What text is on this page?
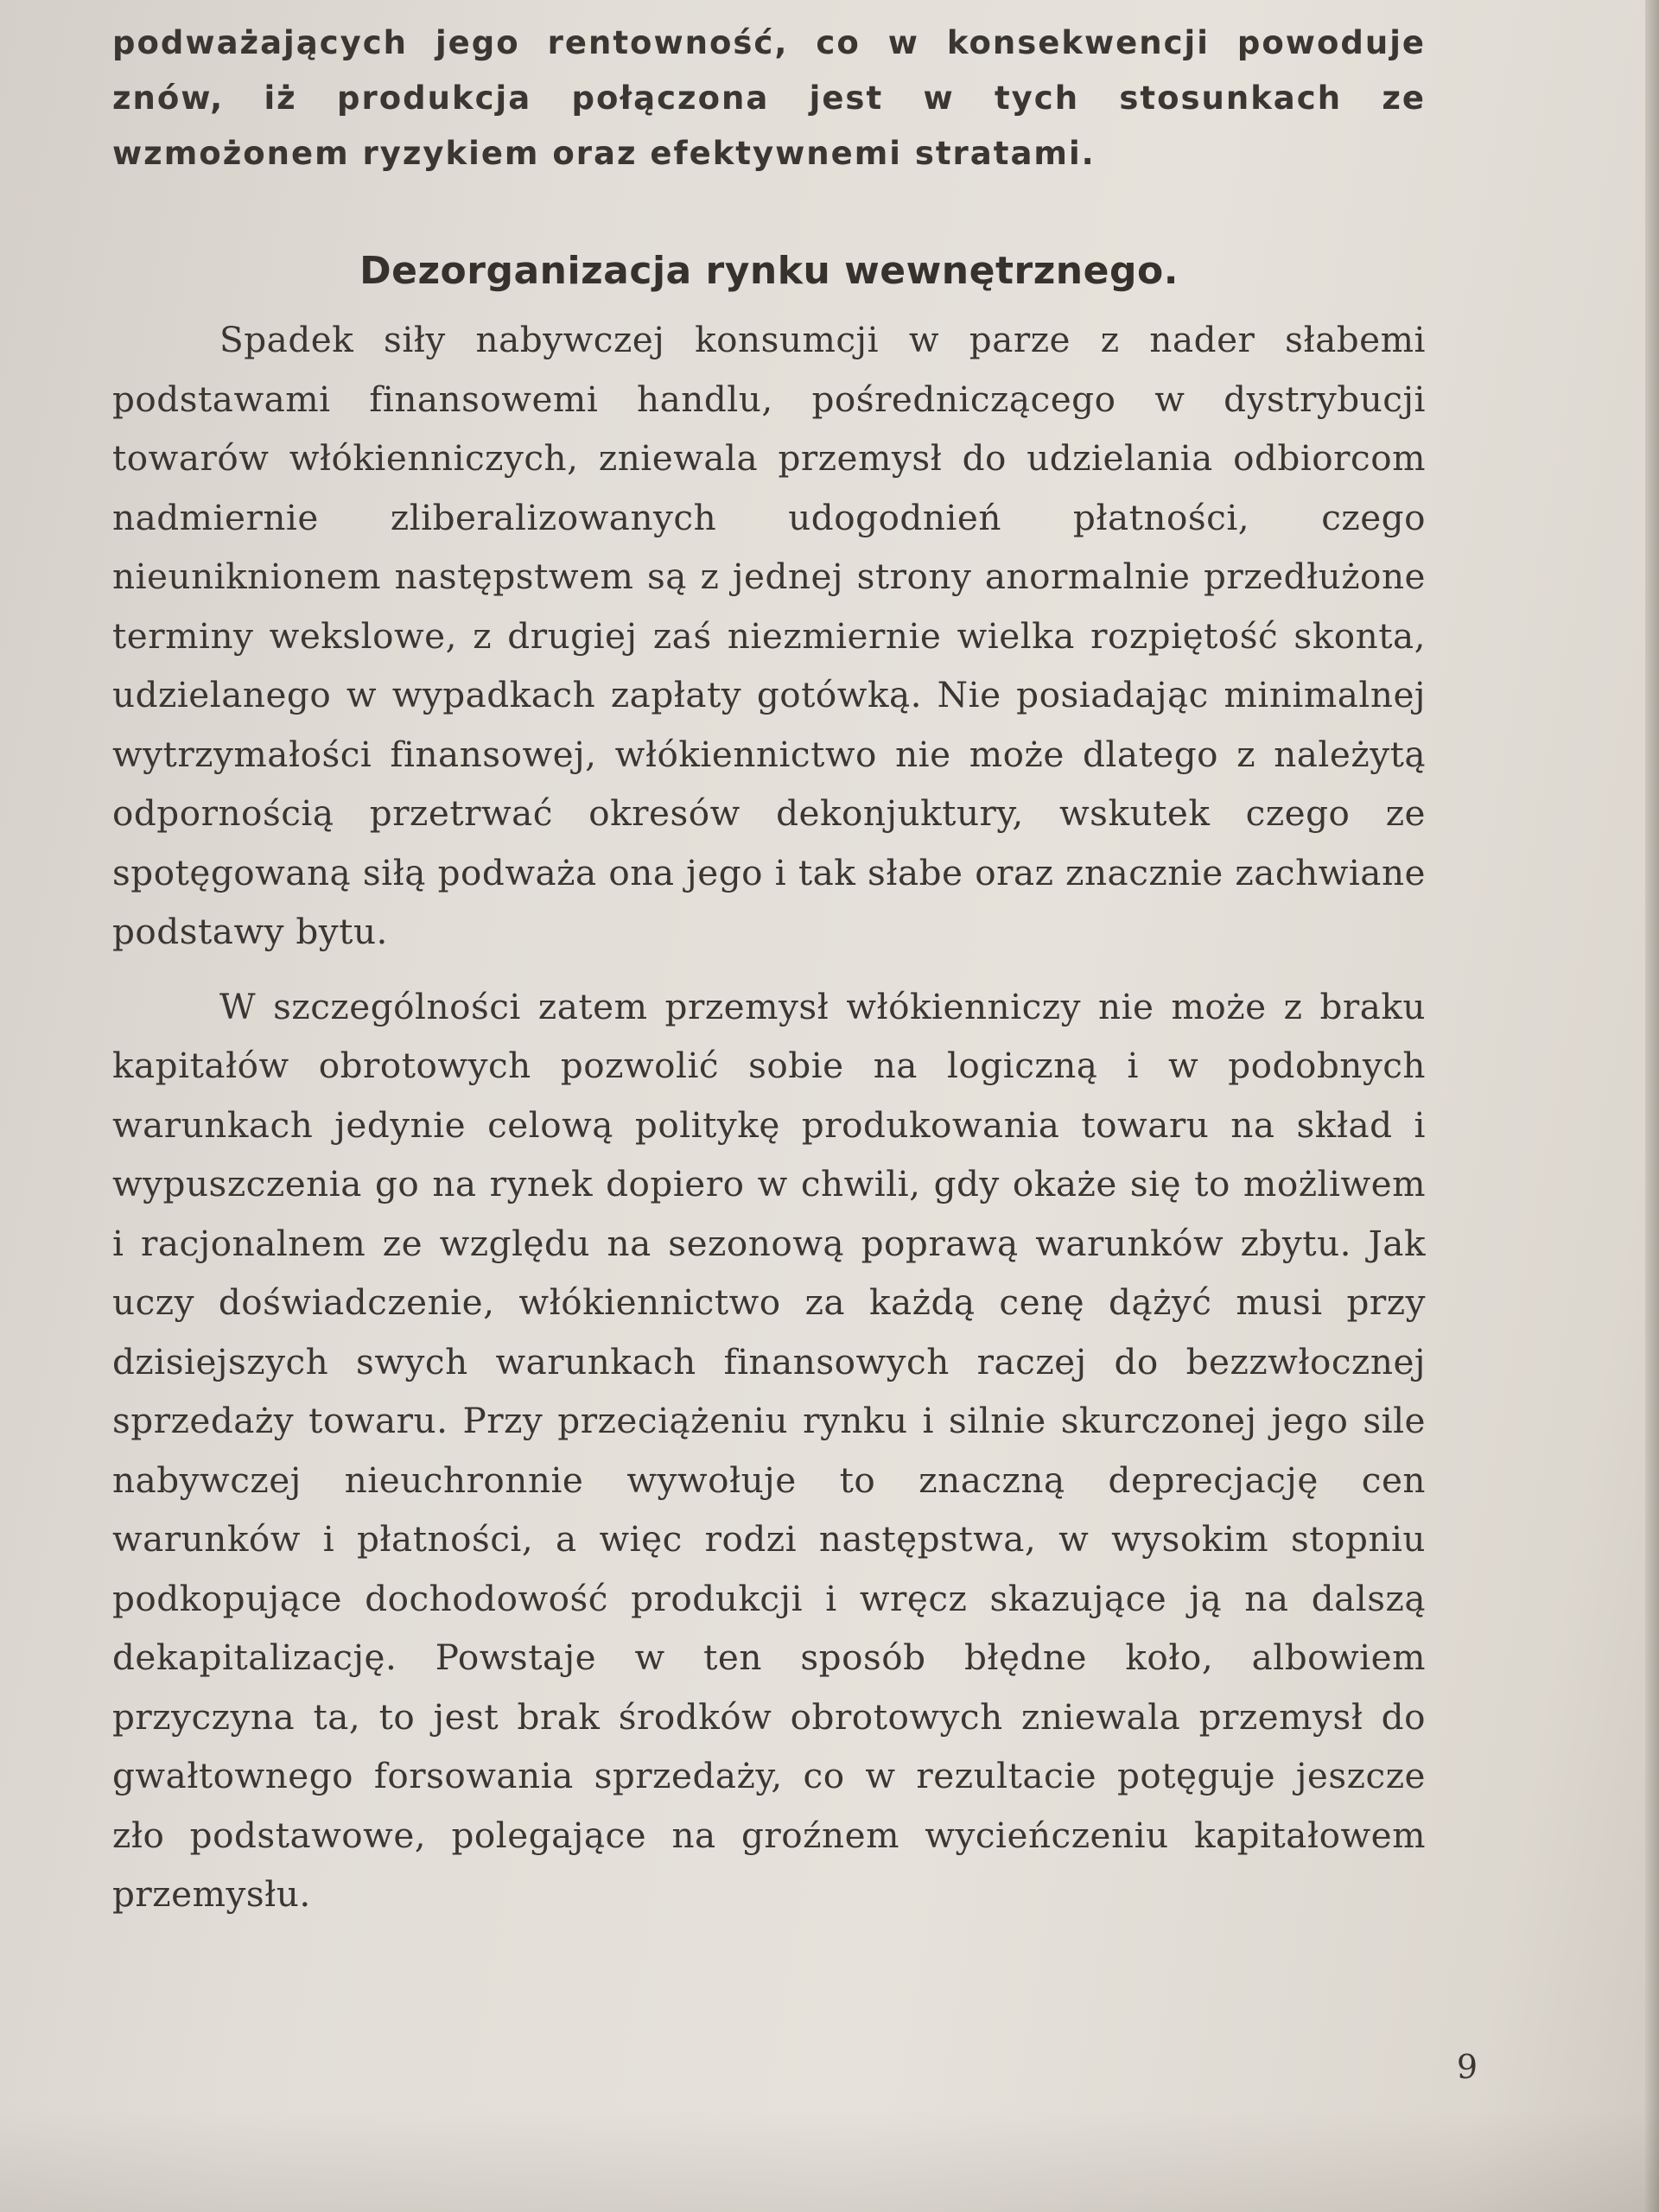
podważających jego rentowność, co w konsekwencji powoduje znów, iż produkcja połączona jest w tych stosunkach ze wzmożonem ryzykiem oraz efektywnemi stratami.

Dezorganizacja rynku wewnętrznego.

Spadek siły nabywczej konsumcji w parze z nader słabemi podstawami finansowemi handlu, pośredniczącego w dystrybucji towarów włókienniczych, zniewala przemysł do udzielania odbiorcom nadmiernie zliberalizowanych udogodnień płatności, czego nieuniknionem następstwem są z jednej strony anormalnie przedłużone terminy wekslowe, z drugiej zaś niezmiernie wielka rozpiętość skonta, udzielanego w wypadkach zapłaty gotówką. Nie posiadając minimalnej wytrzymałości finansowej, włókiennictwo nie może dlatego z należytą odpornością przetrwać okresów dekonjuktury, wskutek czego ze spotęgowaną siłą podważa ona jego i tak słabe oraz znacznie zachwiane podstawy bytu.

W szczególności zatem przemysł włókienniczy nie może z braku kapitałów obrotowych pozwolić sobie na logiczną i w podobnych warunkach jedynie celową politykę produkowania towaru na skład i wypuszczenia go na rynek dopiero w chwili, gdy okaże się to możliwem i racjonalnem ze względu na sezonową poprawą warunków zbytu. Jak uczy doświadczenie, włókiennictwo za każdą cenę dążyć musi przy dzisiejszych swych warunkach finansowych raczej do bezzwłocznej sprzedaży towaru. Przy przeciążeniu rynku i silnie skurczonej jego sile nabywczej nieuchronnie wywołuje to znaczną deprecjację cen warunków i płatności, a więc rodzi następstwa, w wysokim stopniu podkopujące dochodowość produkcji i wręcz skazujące ją na dalszą dekapitalizację. Powstaje w ten sposób błędne koło, albowiem przyczyna ta, to jest brak środków obrotowych zniewala przemysł do gwałtownego forsowania sprzedaży, co w rezultacie potęguje jeszcze zło podstawowe, polegające na groźnem wycieńczeniu kapitałowem przemysłu.

9
